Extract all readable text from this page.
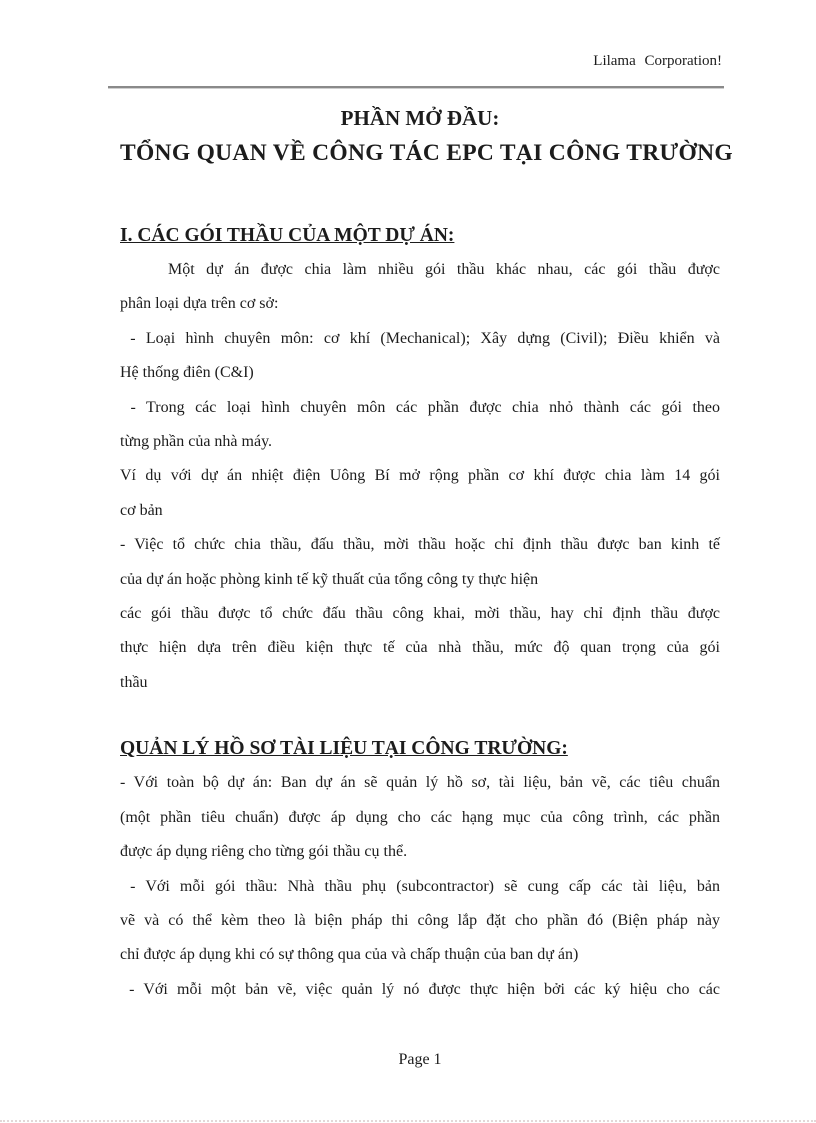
Lilama Corporation!
PHẦN MỞ ĐẦU:
TỔNG QUAN VỀ CÔNG TÁC EPC TẠI CÔNG TRƯỜNG
I. CÁC GÓI THẦU CỦA MỘT DỰ ÁN:
Một dự án được chia làm nhiều gói thầu khác nhau, các gói thầu được
phân loại dựa trên cơ sở:
- Loại hình chuyên môn: cơ khí (Mechanical); Xây dựng (Civil); Điều khiển và
Hệ thống điên (C&I)
- Trong các loại hình chuyên môn các phần được chia nhỏ thành các gói theo
từng phần của nhà máy.
Ví dụ với dự án nhiệt điện Uông Bí mở rộng phần cơ khí được chia làm 14 gói
cơ bản
- Việc tổ chức chia thầu, đấu thầu, mời thầu hoặc chỉ định thầu được ban kinh tế
của dự án hoặc phòng kinh tế kỹ thuất của tổng công ty thực hiện
các gói thầu được tổ chức đấu thầu công khai, mời thầu, hay chỉ định thầu được
thực hiện dựa trên điều kiện thực tế của nhà thầu, mức độ quan trọng của gói
thầu
QUẢN LÝ HỒ SƠ TÀI LIỆU TẠI CÔNG TRƯỜNG:
- Với toàn bộ dự án: Ban dự án sẽ quản lý hồ sơ, tài liệu, bản vẽ, các tiêu chuẩn
(một phần tiêu chuẩn) được áp dụng cho các hạng mục của công trình, các phần
được áp dụng riêng cho từng gói thầu cụ thể.
- Với mỗi gói thầu: Nhà thầu phụ (subcontractor) sẽ cung cấp các tài liệu, bản
vẽ và có thể kèm theo là biện pháp thi công lắp đặt cho phần đó (Biện pháp này
chỉ được áp dụng khi có sự thông qua của và chấp thuận của ban dự án)
- Với mỗi một bản vẽ, việc quản lý nó được thực hiện bởi các ký hiệu cho các
Page 1
